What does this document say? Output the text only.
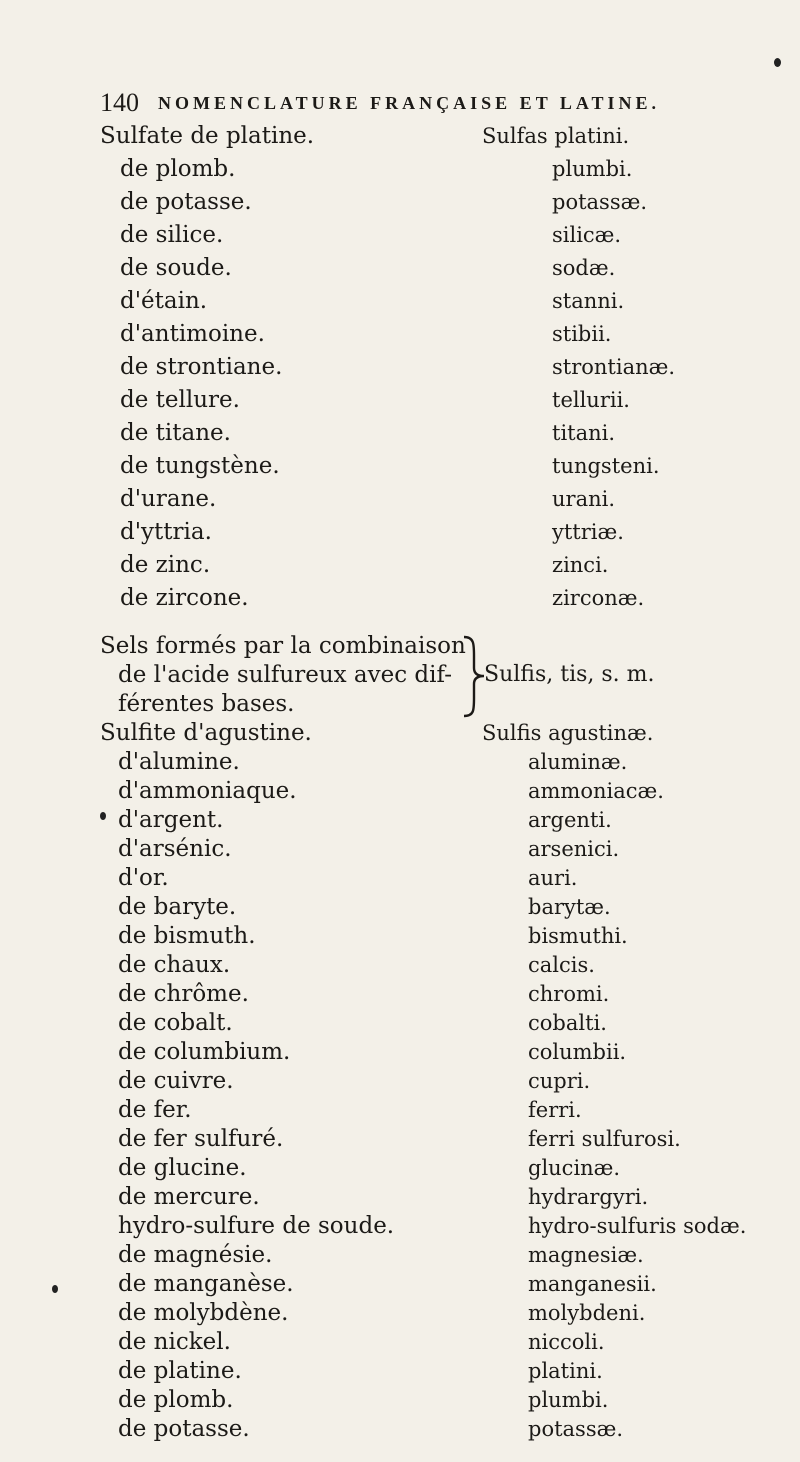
140 NOMENCLATURE FRANÇAISE ET LATINE.
Sulfate de platine.
de plomb.
de potasse.
de silice.
de soude.
d'étain.
d'antimoine.
de strontiane.
de tellure.
de titane.
de tungstène.
d'urane.
d'yttria.
de zinc.
de zircone.
Sulfas platini.
plumbi.
potassæ.
silicæ.
sodæ.
stanni.
stibii.
strontianæ.
tellurii.
titani.
tungsteni.
urani.
yttriæ.
zinci.
zirconæ.
Sels formés par la combinaison
de l'acide sulfureux avec dif-
férentes bases.
Sulfis, tis, s. m.
Sulfite d'agustine.
d'alumine.
d'ammoniaque.
d'argent.
d'arsénic.
d'or.
de baryte.
de bismuth.
de chaux.
de chrôme.
de cobalt.
de columbium.
de cuivre.
de fer.
de fer sulfuré.
de glucine.
de mercure.
hydro-sulfure de soude.
de magnésie.
de manganèse.
de molybdène.
de nickel.
de platine.
de plomb.
de potasse.
Sulfis agustinæ.
aluminæ.
ammoniacæ.
argenti.
arsenici.
auri.
barytæ.
bismuthi.
calcis.
chromi.
cobalti.
columbii.
cupri.
ferri.
ferri sulfurosi.
glucinæ.
hydrargyri.
hydro-sulfuris sodæ.
magnesiæ.
manganesii.
molybdeni.
niccoli.
platini.
plumbi.
potassæ.
